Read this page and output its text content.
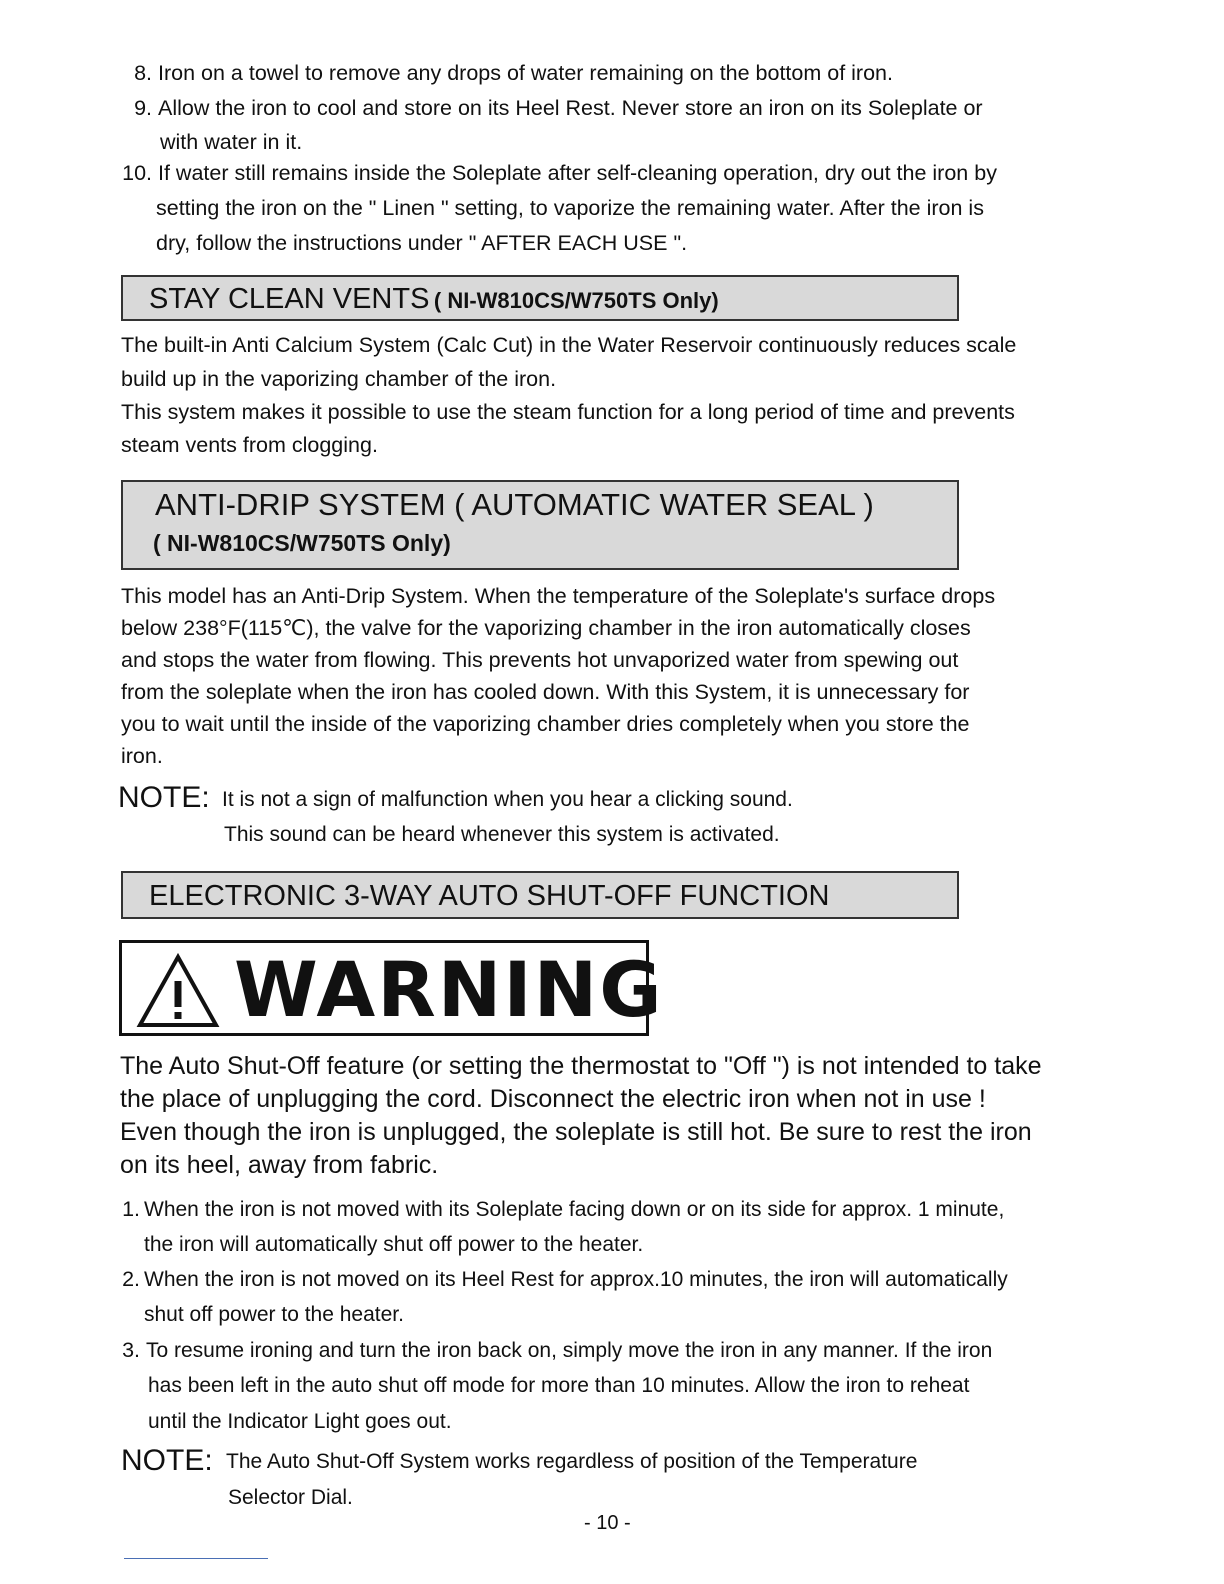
8. Iron on a towel to remove any drops of water remaining on the bottom of iron.
9. Allow the iron to cool and store on its Heel Rest. Never store an iron on its Soleplate or
with water in it.
10. If water still remains inside the Soleplate after self-cleaning operation, dry out the iron by
setting the iron on the " Linen " setting, to vaporize the remaining water. After the iron is
dry, follow the instructions under " AFTER EACH USE ".
STAY CLEAN VENTS ( NI-W810CS/W750TS Only)
The built-in Anti Calcium System (Calc Cut) in the Water Reservoir continuously reduces scale
build up in the vaporizing chamber of the iron.
This system makes it possible to use the steam function for a long period of time and prevents
steam vents from clogging.
ANTI-DRIP SYSTEM ( AUTOMATIC WATER SEAL )
( NI-W810CS/W750TS Only)
This model has an Anti-Drip System. When the temperature of the Soleplate's surface drops
below 238°F(115℃), the valve for the vaporizing chamber in the iron automatically closes
and stops the water from flowing. This prevents hot unvaporized water from spewing out
from the soleplate when the iron has cooled down. With this System, it is unnecessary for
you to wait until the inside of the vaporizing chamber dries completely when you store the
iron.
NOTE: It is not a sign of malfunction when you hear a clicking sound.
This sound can be heard whenever this system is activated.
ELECTRONIC 3-WAY AUTO SHUT-OFF FUNCTION
WARNING
The Auto Shut-Off feature (or setting the thermostat to "Off ") is not intended to take
the place of unplugging the cord. Disconnect the electric iron when not in use !
Even though the iron is unplugged, the soleplate is still hot. Be sure to rest the iron
on its heel, away from fabric.
1. When the iron is not moved with its Soleplate facing down or on its side for approx. 1 minute,
the iron will automatically shut off power to the heater.
2. When the iron is not moved on its Heel Rest for approx.10 minutes, the iron will automatically
shut off power to the heater.
3. To resume ironing and turn the iron back on, simply move the iron in any manner. If the iron
has been left in the auto shut off mode for more than 10 minutes. Allow the iron to reheat
until the Indicator Light goes out.
NOTE: The Auto Shut-Off System works regardless of position of the Temperature
Selector Dial.
- 10 -
